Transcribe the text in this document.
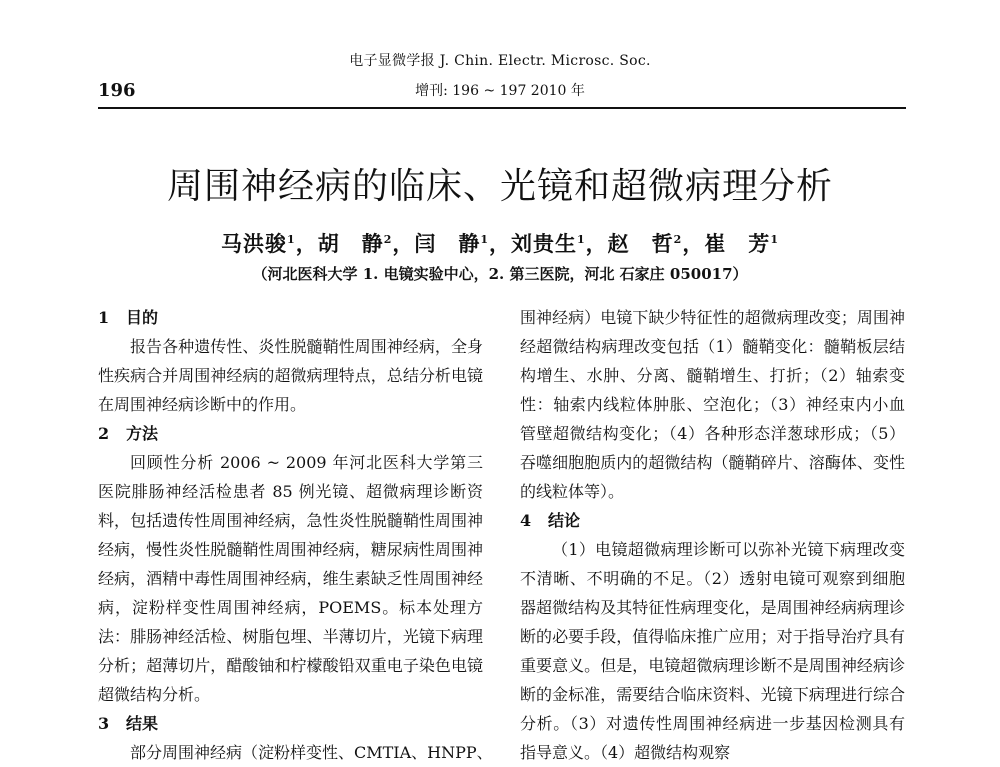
电子显微学报 J. Chin. Electr. Microsc. Soc.
196	增刊: 196 ~ 197 2010 年
周围神经病的临床、光镜和超微病理分析
马洪骏$^1$，胡　静$^2$，闫　静$^1$，刘贵生$^1$，赵　哲$^2$，崔　芳$^1$
（河北医科大学 1. 电镜实验中心，2. 第三医院，河北 石家庄 050017）
1 目的
报告各种遗传性、炎性脱髓鞘性周围神经病，全身性疾病合并周围神经病的超微病理特点，总结分析电镜在周围神经病诊断中的作用。
2 方法
回顾性分析 2006 ~ 2009 年河北医科大学第三医院腓肠神经活检患者 85 例光镜、超微病理诊断资料，包括遗传性周围神经病，急性炎性脱髓鞘性周围神经病，慢性炎性脱髓鞘性周围神经病，糖尿病性周围神经病，酒精中毒性周围神经病，维生素缺乏性周围神经病，淀粉样变性周围神经病，POEMS。标本处理方法：腓肠神经活检、树脂包埋、半薄切片，光镜下病理分析；超薄切片，醋酸铀和柠檬酸铅双重电子染色电镜超微结构分析。
3 结果
部分周围神经病（淀粉样变性、CMTIA、HNPP、
围神经病）电镜下缺少特征性的超微病理改变；周围神经超微结构病理改变包括（1）髓鞘变化：髓鞘板层结构增生、水肿、分离、髓鞘增生、打折；（2）轴索变性：轴索内线粒体肿胀、空泡化；（3）神经束内小血管壁超微结构变化；（4）各种形态洋葱球形成；（5）吞噬细胞胞质内的超微结构（髓鞘碎片、溶酶体、变性的线粒体等）。
4 结论
（1）电镜超微病理诊断可以弥补光镜下病理改变不清晰、不明确的不足。（2）透射电镜可观察到细胞器超微结构及其特征性病理变化，是周围神经病病理诊断的必要手段，值得临床推广应用；对于指导治疗具有重要意义。但是，电镜超微病理诊断不是周围神经病诊断的金标准，需要结合临床资料、光镜下病理进行综合分析。（3）对遗传性周围神经病进一步基因检测具有指导意义。（4）超微结构观察
